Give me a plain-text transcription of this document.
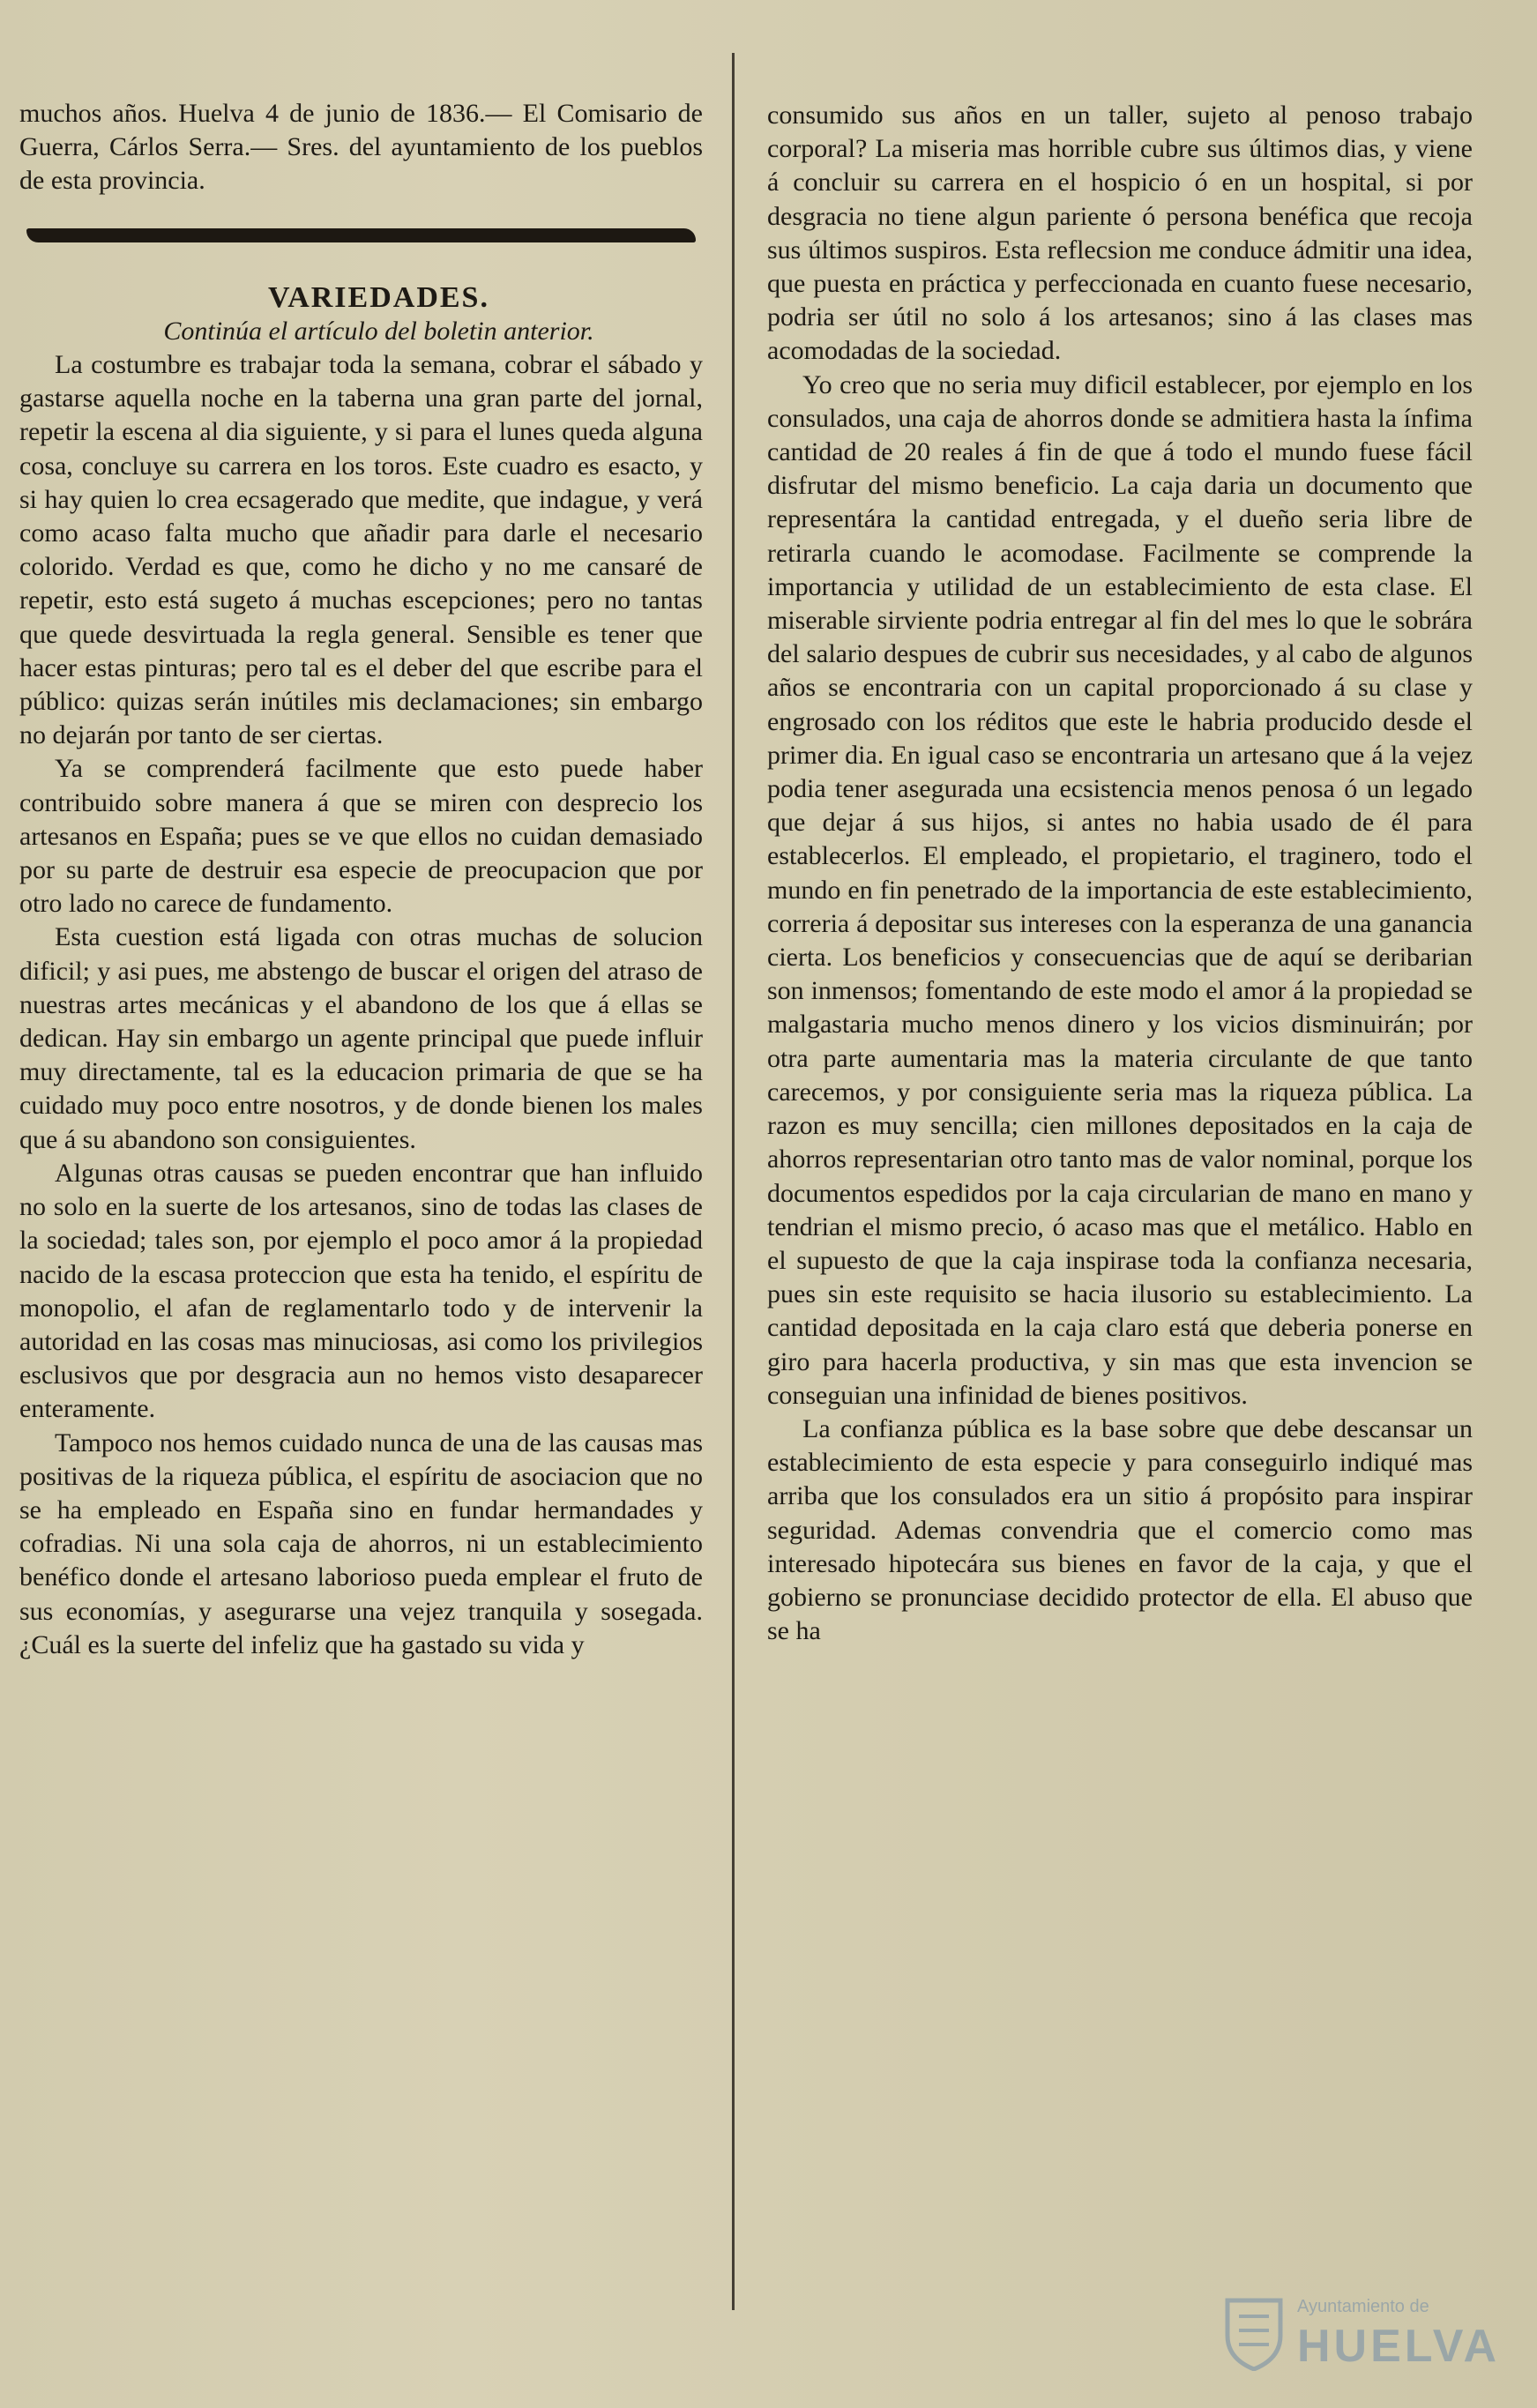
muchos años. Huelva 4 de junio de 1836.— El Comisario de Guerra, Cárlos Serra.— Sres. del ayuntamiento de los pueblos de esta provincia.

VARIEDADES.

Continúa el artículo del boletin anterior.

La costumbre es trabajar toda la semana, cobrar el sábado y gastarse aquella noche en la taberna una gran parte del jornal, repetir la escena al dia siguiente, y si para el lunes queda alguna cosa, concluye su carrera en los toros. Este cuadro es esacto, y si hay quien lo crea ecsagerado que medite, que indague, y verá como acaso falta mucho que añadir para darle el necesario colorido. Verdad es que, como he dicho y no me cansaré de repetir, esto está sugeto á muchas escepciones; pero no tantas que quede desvirtuada la regla general. Sensible es tener que hacer estas pinturas; pero tal es el deber del que escribe para el público: quizas serán inútiles mis declamaciones; sin embargo no dejarán por tanto de ser ciertas.

Ya se comprenderá facilmente que esto puede haber contribuido sobre manera á que se miren con desprecio los artesanos en España; pues se ve que ellos no cuidan demasiado por su parte de destruir esa especie de preocupacion que por otro lado no carece de fundamento.

Esta cuestion está ligada con otras muchas de solucion dificil; y asi pues, me abstengo de buscar el origen del atraso de nuestras artes mecánicas y el abandono de los que á ellas se dedican. Hay sin embargo un agente principal que puede influir muy directamente, tal es la educacion primaria de que se ha cuidado muy poco entre nosotros, y de donde bienen los males que á su abandono son consiguientes.

Algunas otras causas se pueden encontrar que han influido no solo en la suerte de los artesanos, sino de todas las clases de la sociedad; tales son, por ejemplo el poco amor á la propiedad nacido de la escasa proteccion que esta ha tenido, el espíritu de monopolio, el afan de reglamentarlo todo y de intervenir la autoridad en las cosas mas minuciosas, asi como los privilegios esclusivos que por desgracia aun no hemos visto desaparecer enteramente.

Tampoco nos hemos cuidado nunca de una de las causas mas positivas de la riqueza pública, el espíritu de asociacion que no se ha empleado en España sino en fundar hermandades y cofradias. Ni una sola caja de ahorros, ni un establecimiento benéfico donde el artesano laborioso pueda emplear el fruto de sus economías, y asegurarse una vejez tranquila y sosegada. ¿Cuál es la suerte del infeliz que ha gastado su vida y

consumido sus años en un taller, sujeto al penoso trabajo corporal? La miseria mas horrible cubre sus últimos dias, y viene á concluir su carrera en el hospicio ó en un hospital, si por desgracia no tiene algun pariente ó persona benéfica que recoja sus últimos suspiros. Esta reflecsion me conduce ádmitir una idea, que puesta en práctica y perfeccionada en cuanto fuese necesario, podria ser útil no solo á los artesanos; sino á las clases mas acomodadas de la sociedad.

Yo creo que no seria muy dificil establecer, por ejemplo en los consulados, una caja de ahorros donde se admitiera hasta la ínfima cantidad de 20 reales á fin de que á todo el mundo fuese fácil disfrutar del mismo beneficio. La caja daria un documento que representára la cantidad entregada, y el dueño seria libre de retirarla cuando le acomodase. Facilmente se comprende la importancia y utilidad de un establecimiento de esta clase. El miserable sirviente podria entregar al fin del mes lo que le sobrára del salario despues de cubrir sus necesidades, y al cabo de algunos años se encontraria con un capital proporcionado á su clase y engrosado con los réditos que este le habria producido desde el primer dia. En igual caso se encontraria un artesano que á la vejez podia tener asegurada una ecsistencia menos penosa ó un legado que dejar á sus hijos, si antes no habia usado de él para establecerlos. El empleado, el propietario, el traginero, todo el mundo en fin penetrado de la importancia de este establecimiento, correria á depositar sus intereses con la esperanza de una ganancia cierta. Los beneficios y consecuencias que de aquí se deribarian son inmensos; fomentando de este modo el amor á la propiedad se malgastaria mucho menos dinero y los vicios disminuirán; por otra parte aumentaria mas la materia circulante de que tanto carecemos, y por consiguiente seria mas la riqueza pública. La razon es muy sencilla; cien millones depositados en la caja de ahorros representarian otro tanto mas de valor nominal, porque los documentos espedidos por la caja circularian de mano en mano y tendrian el mismo precio, ó acaso mas que el metálico. Hablo en el supuesto de que la caja inspirase toda la confianza necesaria, pues sin este requisito se hacia ilusorio su establecimiento. La cantidad depositada en la caja claro está que deberia ponerse en giro para hacerla productiva, y sin mas que esta invencion se conseguian una infinidad de bienes positivos.

La confianza pública es la base sobre que debe descansar un establecimiento de esta especie y para conseguirlo indiqué mas arriba que los consulados era un sitio á propósito para inspirar seguridad. Ademas convendria que el comercio como mas interesado hipotecára sus bienes en favor de la caja, y que el gobierno se pronunciase decidido protector de ella. El abuso que se ha

Ayuntamiento de
HUELVA
